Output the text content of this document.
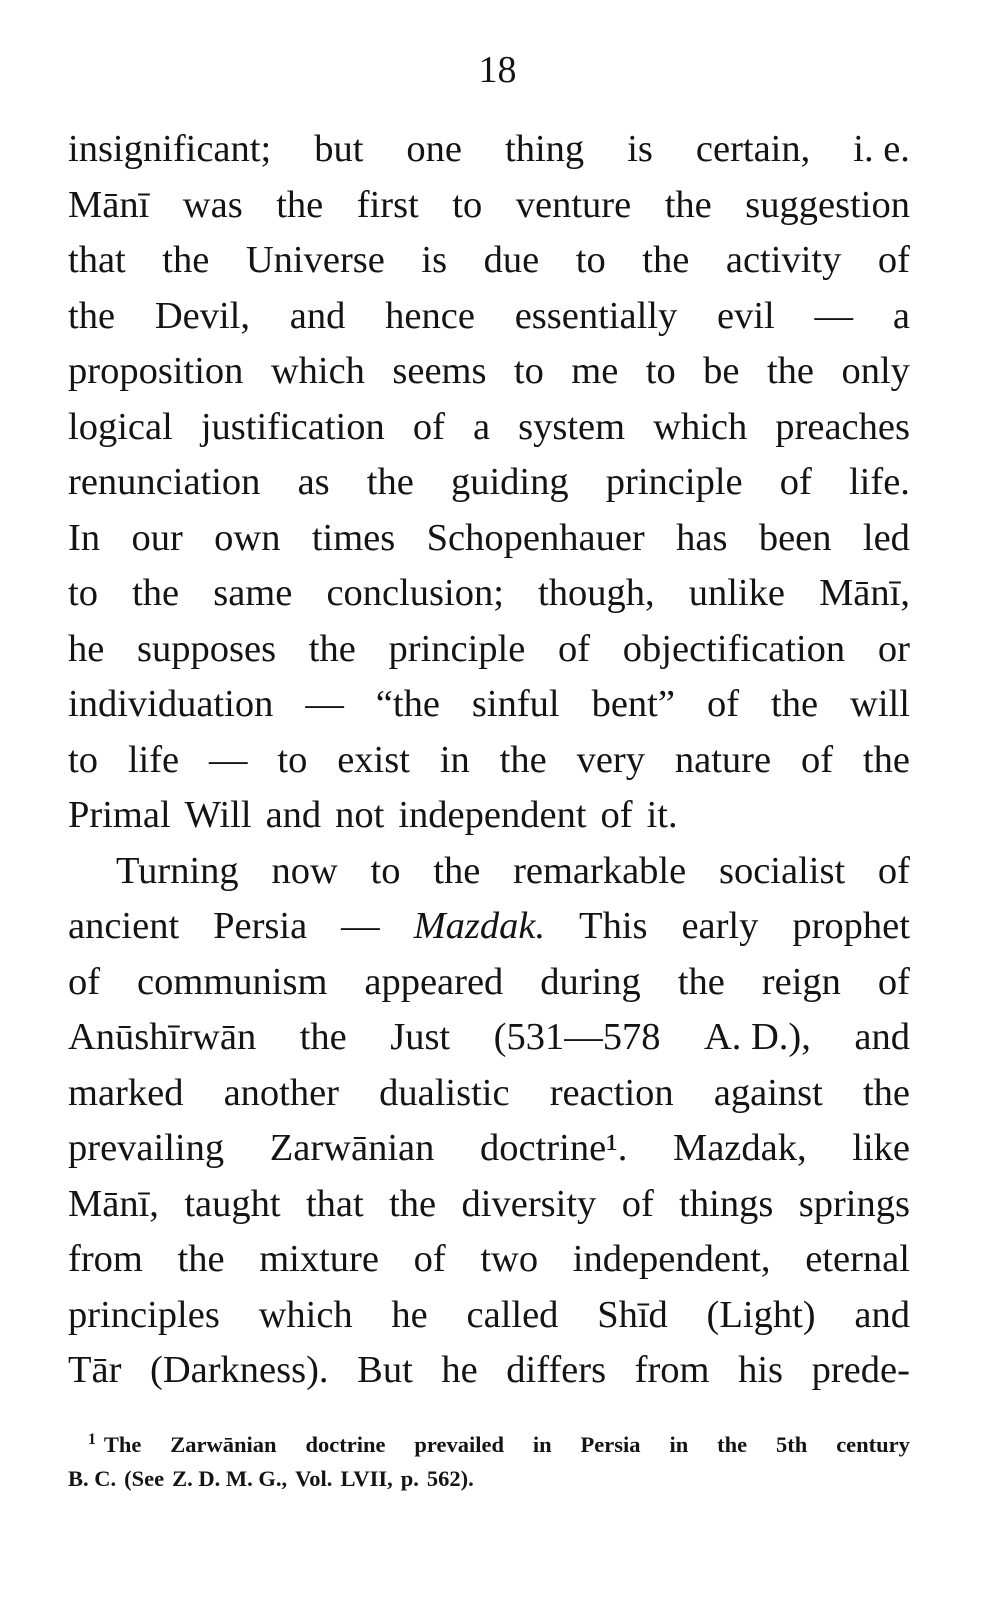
18
insignificant; but one thing is certain, i. e.
Mānī was the first to venture the suggestion
that the Universe is due to the activity of
the Devil, and hence essentially evil — a
proposition which seems to me to be the only
logical justification of a system which preaches
renunciation as the guiding principle of life.
In our own times Schopenhauer has been led
to the same conclusion; though, unlike Mānī,
he supposes the principle of objectification or
individuation — “the sinful bent” of the will
to life — to exist in the very nature of the
Primal Will and not independent of it.
Turning now to the remarkable socialist of
ancient Persia — Mazdak. This early prophet
of communism appeared during the reign of
Anūshīrwān the Just (531—578 A. D.), and
marked another dualistic reaction against the
prevailing Zarwānian doctrine¹. Mazdak, like
Mānī, taught that the diversity of things springs
from the mixture of two independent, eternal
principles which he called Shīd (Light) and
Tār (Darkness). But he differs from his prede-
$^1$ The Zarwānian doctrine prevailed in Persia in the 5th century
B. C. (See Z. D. M. G., Vol. LVII, p. 562).
